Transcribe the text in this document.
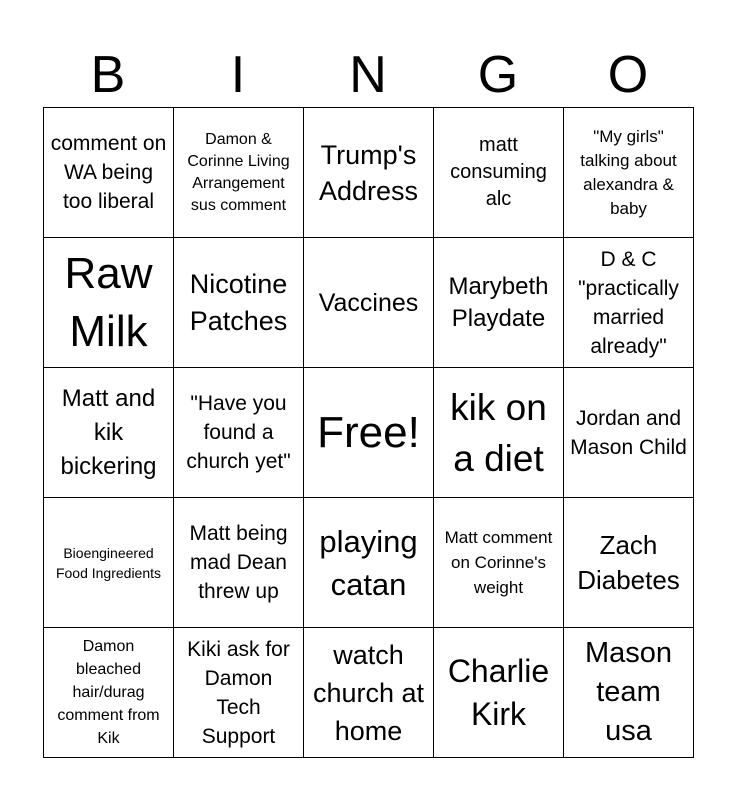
B	I	N	G	O
comment on WA being too liberal	Damon & Corinne Living Arrangement sus comment	Trump's Address	matt consuming alc	"My girls" talking about alexandra & baby

Raw Milk	Nicotine Patches	Vaccines	Marybeth Playdate	D & C "practically married already"

Matt and kik bickering	"Have you found a church yet"	Free!	kik on a diet	Jordan and Mason Child

Bioengineered Food Ingredients	Matt being mad Dean threw up	playing catan	Matt comment on Corinne's weight	Zach Diabetes

Damon bleached hair/durag comment from Kik	Kiki ask for Damon Tech Support	watch church at home	Charlie Kirk	Mason team usa
